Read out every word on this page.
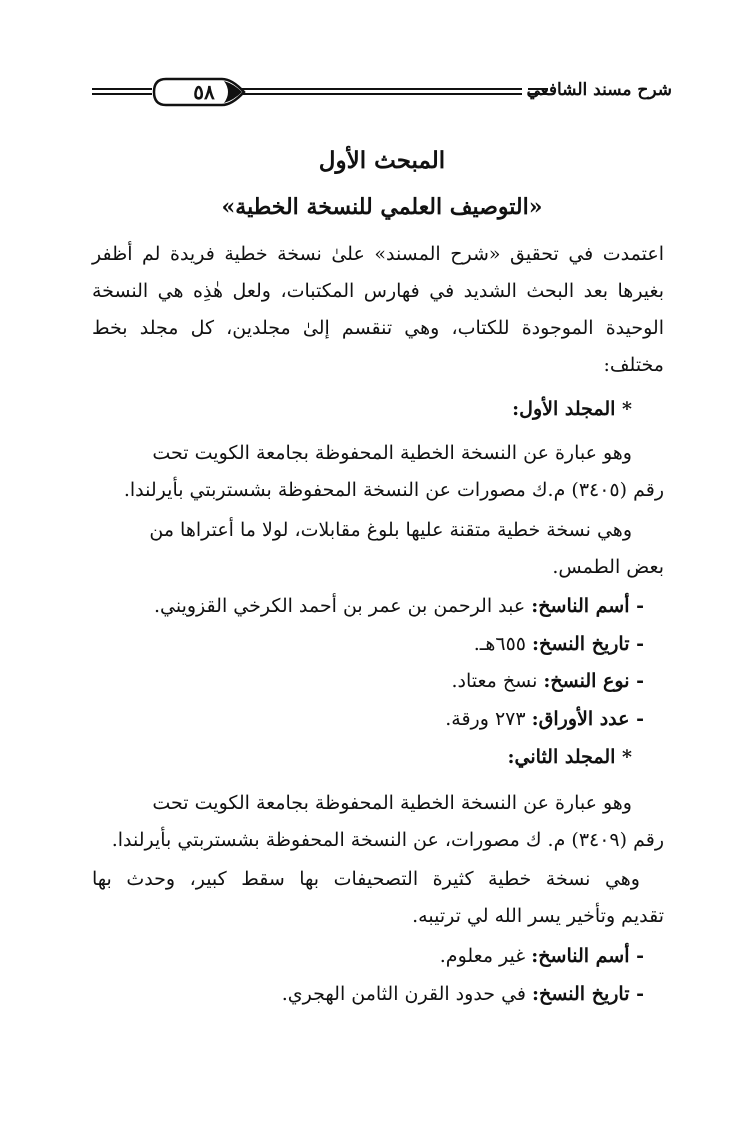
شرح مسند الشافعي
٥٨
المبحث الأول
«التوصيف العلمي للنسخة الخطية»
اعتمدت في تحقيق «شرح المسند» علىٰ نسخة خطية فريدة لم أظفر
بغيرها بعد البحث الشديد في فهارس المكتبات، ولعل هٰذِه هي النسخة
الوحيدة الموجودة للكتاب، وهي تنقسم إلىٰ مجلدين، كل مجلد بخط
مختلف:
* المجلد الأول:
وهو عبارة عن النسخة الخطية المحفوظة بجامعة الكويت تحت
رقم (٣٤٠٥) م.ك مصورات عن النسخة المحفوظة بشستربتي بأيرلندا.
وهي نسخة خطية متقنة عليها بلوغ مقابلات، لولا ما أعتراها من
بعض الطمس.
- أسم الناسخ: عبد الرحمن بن عمر بن أحمد الكرخي القزويني.
- تاريخ النسخ: ٦٥٥هـ.
- نوع النسخ: نسخ معتاد.
- عدد الأوراق: ٢٧٣ ورقة.
* المجلد الثاني:
وهو عبارة عن النسخة الخطية المحفوظة بجامعة الكويت تحت
رقم (٣٤٠٩) م. ك مصورات، عن النسخة المحفوظة بشستربتي بأيرلندا.
وهي نسخة خطية كثيرة التصحيفات بها سقط كبير، وحدث بها
تقديم وتأخير يسر الله لي ترتيبه.
- أسم الناسخ: غير معلوم.
- تاريخ النسخ: في حدود القرن الثامن الهجري.
